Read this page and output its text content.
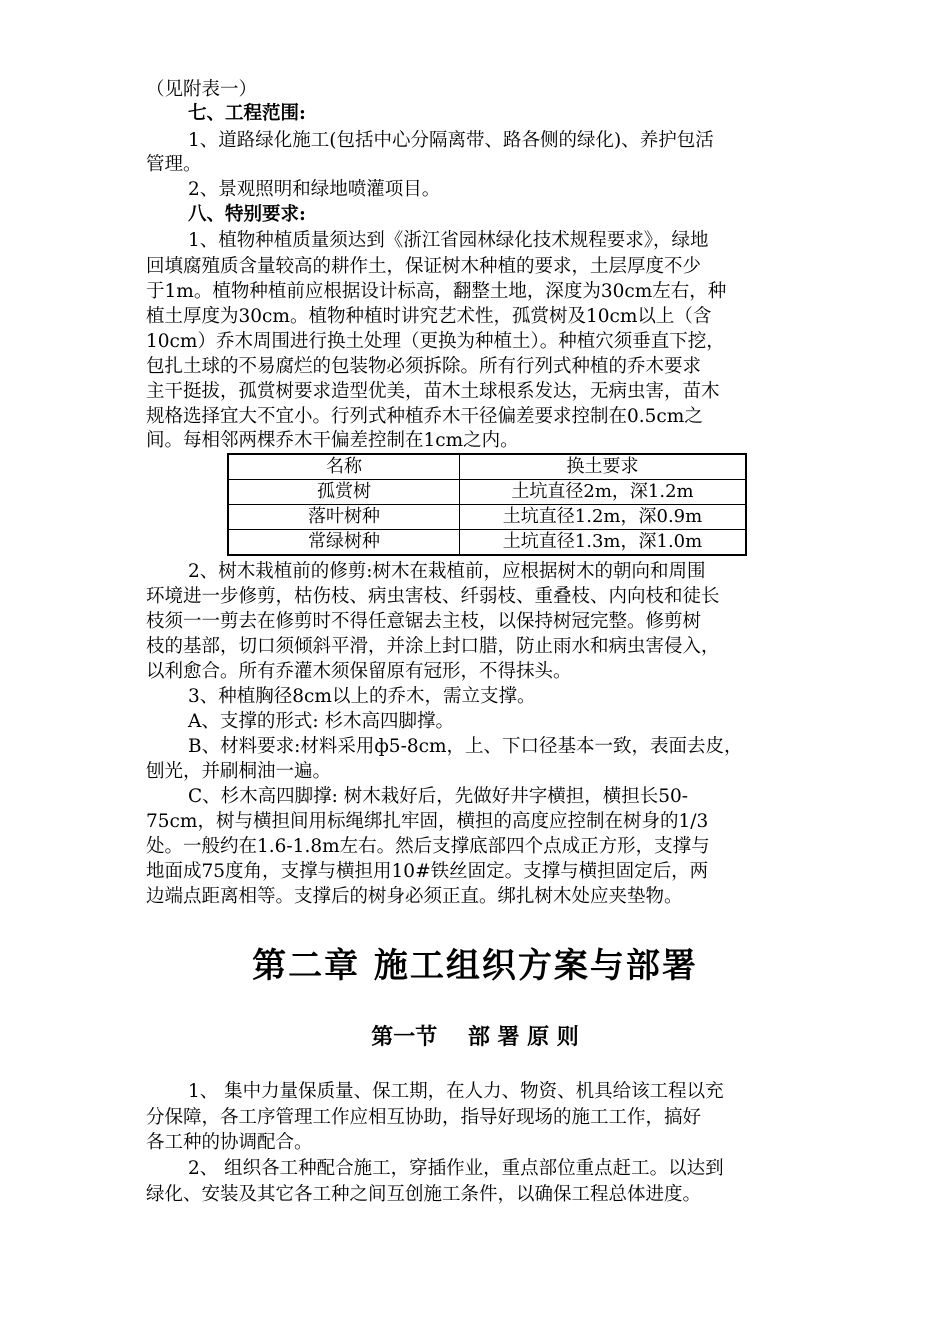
（见附表一）
七、工程范围:
1、道路绿化施工(包括中心分隔离带、路各侧的绿化)、养护包活
管理。
2、景观照明和绿地喷灌项目。
八、特别要求:
1、植物种植质量须达到《浙江省园林绿化技术规程要求》，绿地
回填腐殖质含量较高的耕作土，保证树木种植的要求，土层厚度不少
于1m。植物种植前应根据设计标高，翻整土地，深度为30cm左右，种
植土厚度为30cm。植物种植时讲究艺术性，孤赏树及10cm以上（含
10cm）乔木周围进行换土处理（更换为种植土）。种植穴须垂直下挖，
包扎土球的不易腐烂的包装物必须拆除。所有行列式种植的乔木要求
主干挺拔，孤赏树要求造型优美，苗木土球根系发达，无病虫害，苗木
规格选择宜大不宜小。行列式种植乔木干径偏差要求控制在0.5cm之
间。每相邻两棵乔木干偏差控制在1cm之内。
名称	换土要求
孤赏树	土坑直径2m，深1.2m
落叶树种	土坑直径1.2m，深0.9m
常绿树种	土坑直径1.3m，深1.0m
2、树木栽植前的修剪:树木在栽植前，应根据树木的朝向和周围
环境进一步修剪，枯伤枝、病虫害枝、纤弱枝、重叠枝、内向枝和徒长
枝须一一剪去在修剪时不得任意锯去主枝，以保持树冠完整。修剪树
枝的基部，切口须倾斜平滑，并涂上封口腊，防止雨水和病虫害侵入，
以利愈合。所有乔灌木须保留原有冠形，不得抹头。
3、种植胸径8cm以上的乔木，需立支撑。
A、支撑的形式: 杉木高四脚撑。
B、材料要求:材料采用ф5-8cm，上、下口径基本一致，表面去皮，
刨光，并刷桐油一遍。
C、杉木高四脚撑: 树木栽好后，先做好井字横担，横担长50-
75cm，树与横担间用标绳绑扎牢固，横担的高度应控制在树身的1/3
处。一般约在1.6-1.8m左右。然后支撑底部四个点成正方形，支撑与
地面成75度角，支撑与横担用10#铁丝固定。支撑与横担固定后，两
边端点距离相等。支撑后的树身必须正直。绑扎树木处应夹垫物。
第二章 施工组织方案与部署
第一节    部 署 原 则
1、 集中力量保质量、保工期，在人力、物资、机具给该工程以充
分保障，各工序管理工作应相互协助，指导好现场的施工工作，搞好
各工种的协调配合。
2、 组织各工种配合施工，穿插作业，重点部位重点赶工。以达到
绿化、安装及其它各工种之间互创施工条件，以确保工程总体进度。
